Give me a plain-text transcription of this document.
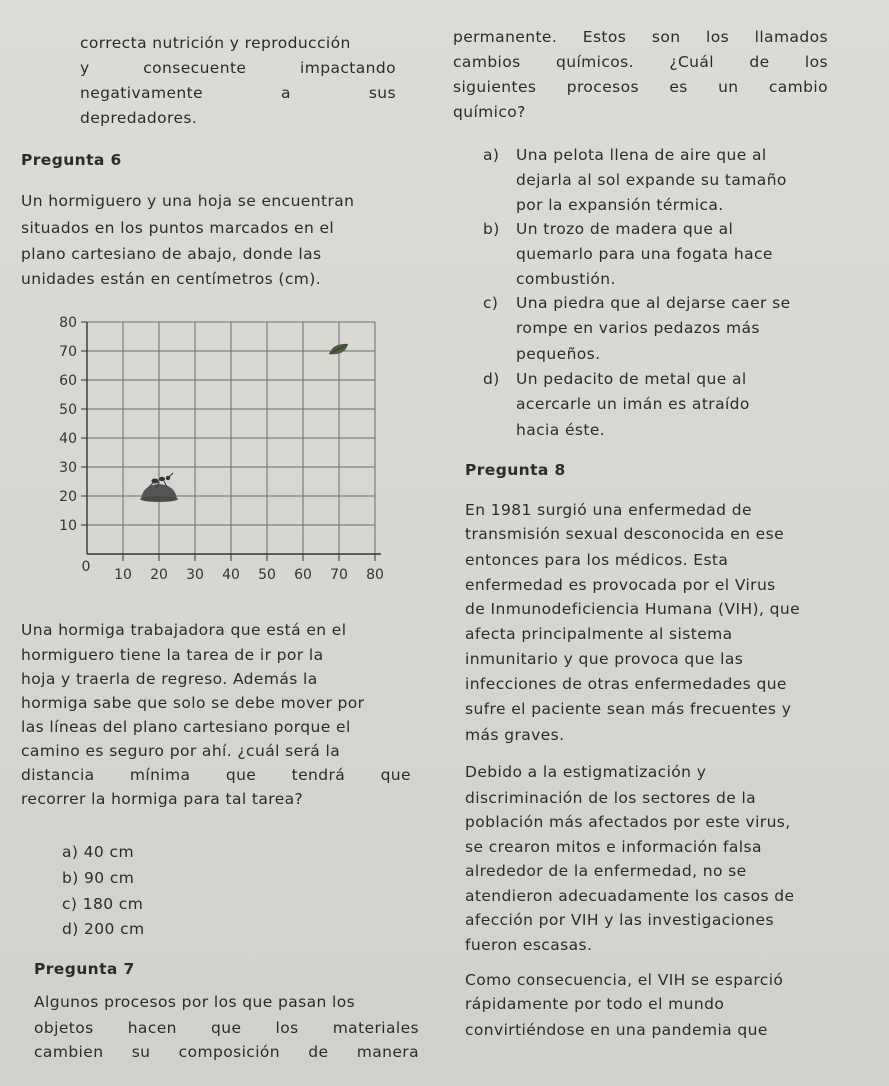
correcta nutrición y reproducción
y	consecuente	impactando
negativamente	a	sus
depredadores.
Pregunta 6
Un hormiguero y una hoja se encuentran
situados en los puntos marcados en el
plano cartesiano de abajo, donde las
unidades están en centímetros (cm).
10
20
30
40
50
60
70
80
10 20 30 40 50 60 70 80
0
Una hormiga trabajadora que está en el
hormiguero tiene la tarea de ir por la
hoja y traerla de regreso. Además la
hormiga sabe que solo se debe mover por
las líneas del plano cartesiano porque el
camino es seguro por ahí. ¿cuál será la
distancia mínima que tendrá que
recorrer la hormiga para tal tarea?
a) 40 cm
b) 90 cm
c) 180 cm
d) 200 cm
Pregunta 7
Algunos procesos por los que pasan los
objetos hacen que los materiales
cambien su composición de manera
permanente. Estos son los llamados
cambios químicos. ¿Cuál de los
siguientes procesos es un cambio
químico?
a) Una pelota llena de aire que al
dejarla al sol expande su tamaño
por la expansión térmica.
b) Un trozo de madera que al
quemarlo para una fogata hace
combustión.
c) Una piedra que al dejarse caer se
rompe en varios pedazos más
pequeños.
d) Un pedacito de metal que al
acercarle un imán es atraído
hacia éste.
Pregunta 8
En 1981 surgió una enfermedad de
transmisión sexual desconocida en ese
entonces para los médicos. Esta
enfermedad es provocada por el Virus
de Inmunodeficiencia Humana (VIH), que
afecta principalmente al sistema
inmunitario y que provoca que las
infecciones de otras enfermedades que
sufre el paciente sean más frecuentes y
más graves.
Debido a la estigmatización y
discriminación de los sectores de la
población más afectados por este virus,
se crearon mitos e información falsa
alrededor de la enfermedad, no se
atendieron adecuadamente los casos de
afección por VIH y las investigaciones
fueron escasas.
Como consecuencia, el VIH se esparció
rápidamente por todo el mundo
convirtiéndose en una pandemia que
